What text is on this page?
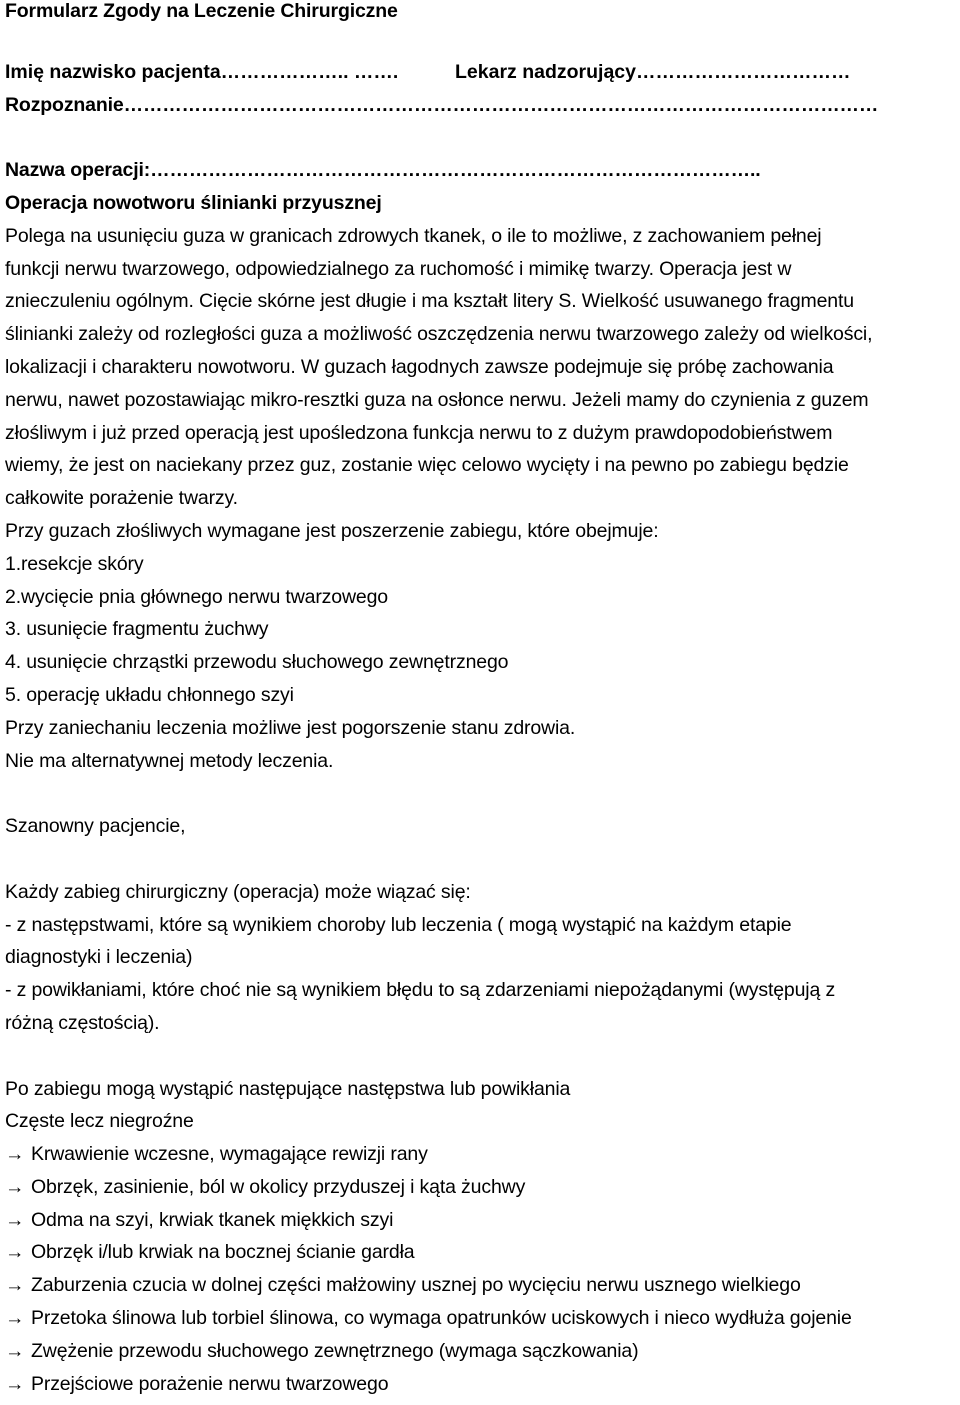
Formularz Zgody na Leczenie Chirurgiczne
Imię nazwisko pacjenta……………….. …….	Lekarz nadzorujący……………………………
Rozpoznanie………………………………………………………………………………………………………
Nazwa operacji:…………………………………………………………………………………..
Operacja nowotworu ślinianki przyusznej
Polega na usunięciu guza w granicach zdrowych tkanek, o ile to możliwe, z zachowaniem pełnej
funkcji nerwu twarzowego, odpowiedzialnego za ruchomość i mimikę twarzy. Operacja jest w
znieczuleniu ogólnym. Cięcie skórne jest długie i ma kształt litery S. Wielkość usuwanego fragmentu
ślinianki zależy od rozległości guza a możliwość oszczędzenia nerwu twarzowego zależy od wielkości,
lokalizacji i charakteru nowotworu. W guzach łagodnych zawsze podejmuje się próbę zachowania
nerwu, nawet pozostawiając mikro-resztki guza na osłonce nerwu. Jeżeli mamy do czynienia z guzem
złośliwym i już przed operacją jest upośledzona funkcja nerwu to z dużym prawdopodobieństwem
wiemy, że jest on naciekany przez guz, zostanie więc celowo wycięty i na pewno po zabiegu będzie
całkowite porażenie twarzy.
Przy guzach złośliwych wymagane jest poszerzenie zabiegu, które obejmuje:
1.resekcje skóry
2.wycięcie pnia głównego nerwu twarzowego
3. usunięcie fragmentu żuchwy
4. usunięcie chrząstki przewodu słuchowego zewnętrznego
5. operację układu chłonnego szyi
Przy zaniechaniu leczenia możliwe jest pogorszenie stanu zdrowia.
Nie ma alternatywnej metody leczenia.
Szanowny pacjencie,
Każdy zabieg chirurgiczny (operacja) może wiązać się:
- z następstwami, które są wynikiem choroby lub leczenia ( mogą wystąpić na każdym etapie
diagnostyki i leczenia)
- z powikłaniami, które choć nie są wynikiem błędu to są zdarzeniami niepożądanymi (występują z
różną częstością).
Po zabiegu mogą wystąpić następujące następstwa lub powikłania
Częste lecz niegroźne
→ Krwawienie wczesne, wymagające rewizji rany
→ Obrzęk, zasinienie, ból w okolicy przyduszej i kąta żuchwy
→ Odma na szyi, krwiak tkanek miękkich szyi
→ Obrzęk i/lub krwiak na bocznej ścianie gardła
→ Zaburzenia czucia w dolnej części małżowiny usznej po wycięciu nerwu usznego wielkiego
→ Przetoka ślinowa lub torbiel ślinowa, co wymaga opatrunków uciskowych i nieco wydłuża gojenie
→ Zwężenie przewodu słuchowego zewnętrznego (wymaga sączkowania)
→ Przejściowe porażenie nerwu twarzowego
